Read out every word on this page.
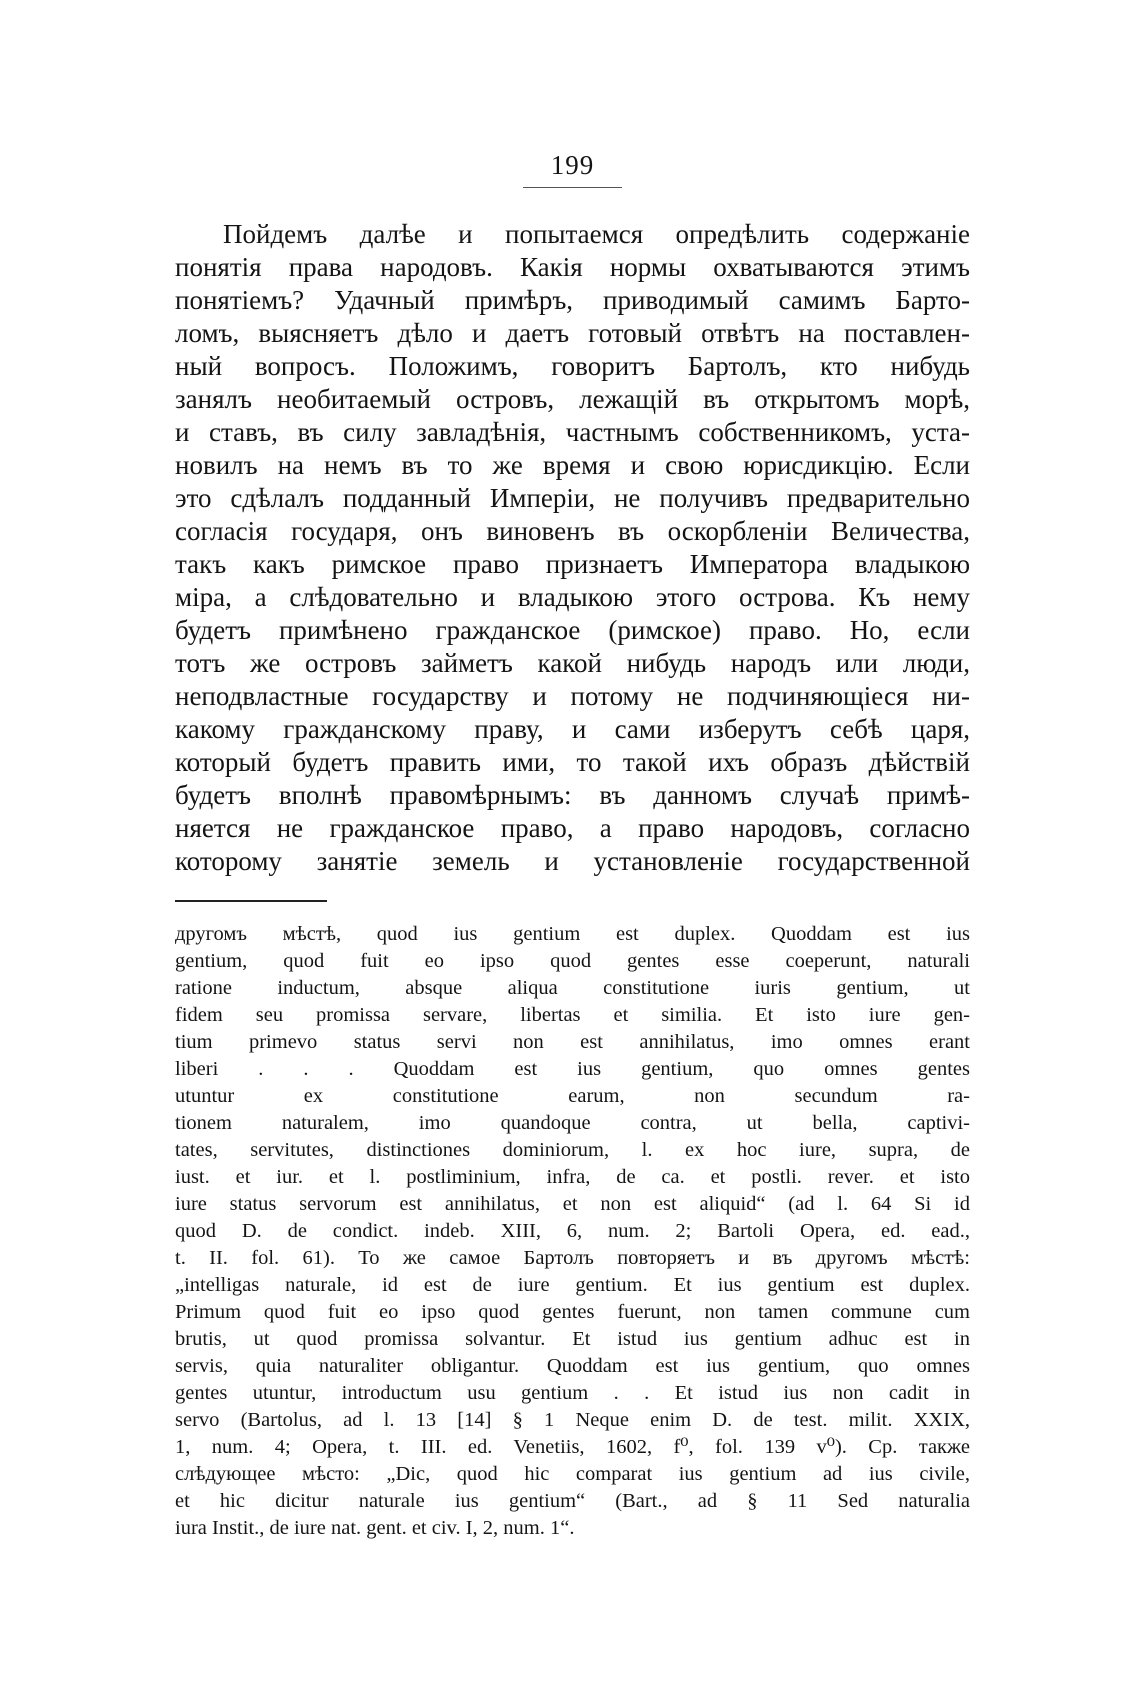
199
Пойдемъ далѣе и попытаемся опредѣлить содержаніе
понятія права народовъ. Какія нормы охватываются этимъ
понятіемъ? Удачный примѣръ, приводимый самимъ Барто-
ломъ, выясняетъ дѣло и даетъ готовый отвѣтъ на поставлен-
ный вопросъ. Положимъ, говоритъ Бартолъ, кто нибудь
занялъ необитаемый островъ, лежащій въ открытомъ морѣ,
и ставъ, въ силу завладѣнія, частнымъ собственникомъ, уста-
новилъ на немъ въ то же время и свою юрисдикцію. Если
это сдѣлалъ подданный Имперіи, не получивъ предварительно
согласія государя, онъ виновенъ въ оскорбленіи Величества,
такъ какъ римское право признаетъ Императора владыкою
міра, а слѣдовательно и владыкою этого острова. Къ нему
будетъ примѣнено гражданское (римское) право. Но, если
тотъ же островъ займетъ какой нибудь народъ или люди,
неподвластные государству и потому не подчиняющіеся ни-
какому гражданскому праву, и сами изберутъ себѣ царя,
который будетъ править ими, то такой ихъ образъ дѣйствій
будетъ вполнѣ правомѣрнымъ: въ данномъ случаѣ примѣ-
няется не гражданское право, а право народовъ, согласно
которому занятіе земель и установленіе государственной
другомъ мѣстѣ, quod ius gentium est duplex. Quoddam est ius
gentium, quod fuit eo ipso quod gentes esse coeperunt, naturali
ratione inductum, absque aliqua constitutione iuris gentium, ut
fidem seu promissa servare, libertas et similia. Et isto iure gen-
tium primevo status servi non est annihilatus, imo omnes erant
liberi . . . Quoddam est ius gentium, quo omnes gentes
utuntur ex constitutione earum, non secundum ra-
tionem naturalem, imo quandoque contra, ut bella, captivi-
tates, servitutes, distinctiones dominiorum, l. ex hoc iure, supra, de
iust. et iur. et l. postliminium, infra, de ca. et postli. rever. et isto
iure status servorum est annihilatus, et non est aliquid“ (ad l. 64 Si id
quod D. de condict. indeb. XIII, 6, num. 2; Bartoli Opera, ed. ead.,
t. II. fol. 61). То же самое Бартолъ повторяетъ и въ другомъ мѣстѣ:
„intelligas naturale, id est de iure gentium. Et ius gentium est duplex.
Primum quod fuit eo ipso quod gentes fuerunt, non tamen commune cum
brutis, ut quod promissa solvantur. Et istud ius gentium adhuc est in
servis, quia naturaliter obligantur. Quoddam est ius gentium, quo omnes
gentes utuntur, introductum usu gentium . . Et istud ius non cadit in
servo (Bartolus, ad l. 13 [14] § 1 Neque enim D. de test. milit. XXIX,
1, num. 4; Opera, t. III. ed. Venetiis, 1602, f⁰, fol. 139 v⁰). Ср. также
слѣдующее мѣсто: „Dic, quod hic comparat ius gentium ad ius civile,
et hic dicitur naturale ius gentium“ (Bart., ad § 11 Sed naturalia
iura Instit., de iure nat. gent. et civ. I, 2, num. 1“.
